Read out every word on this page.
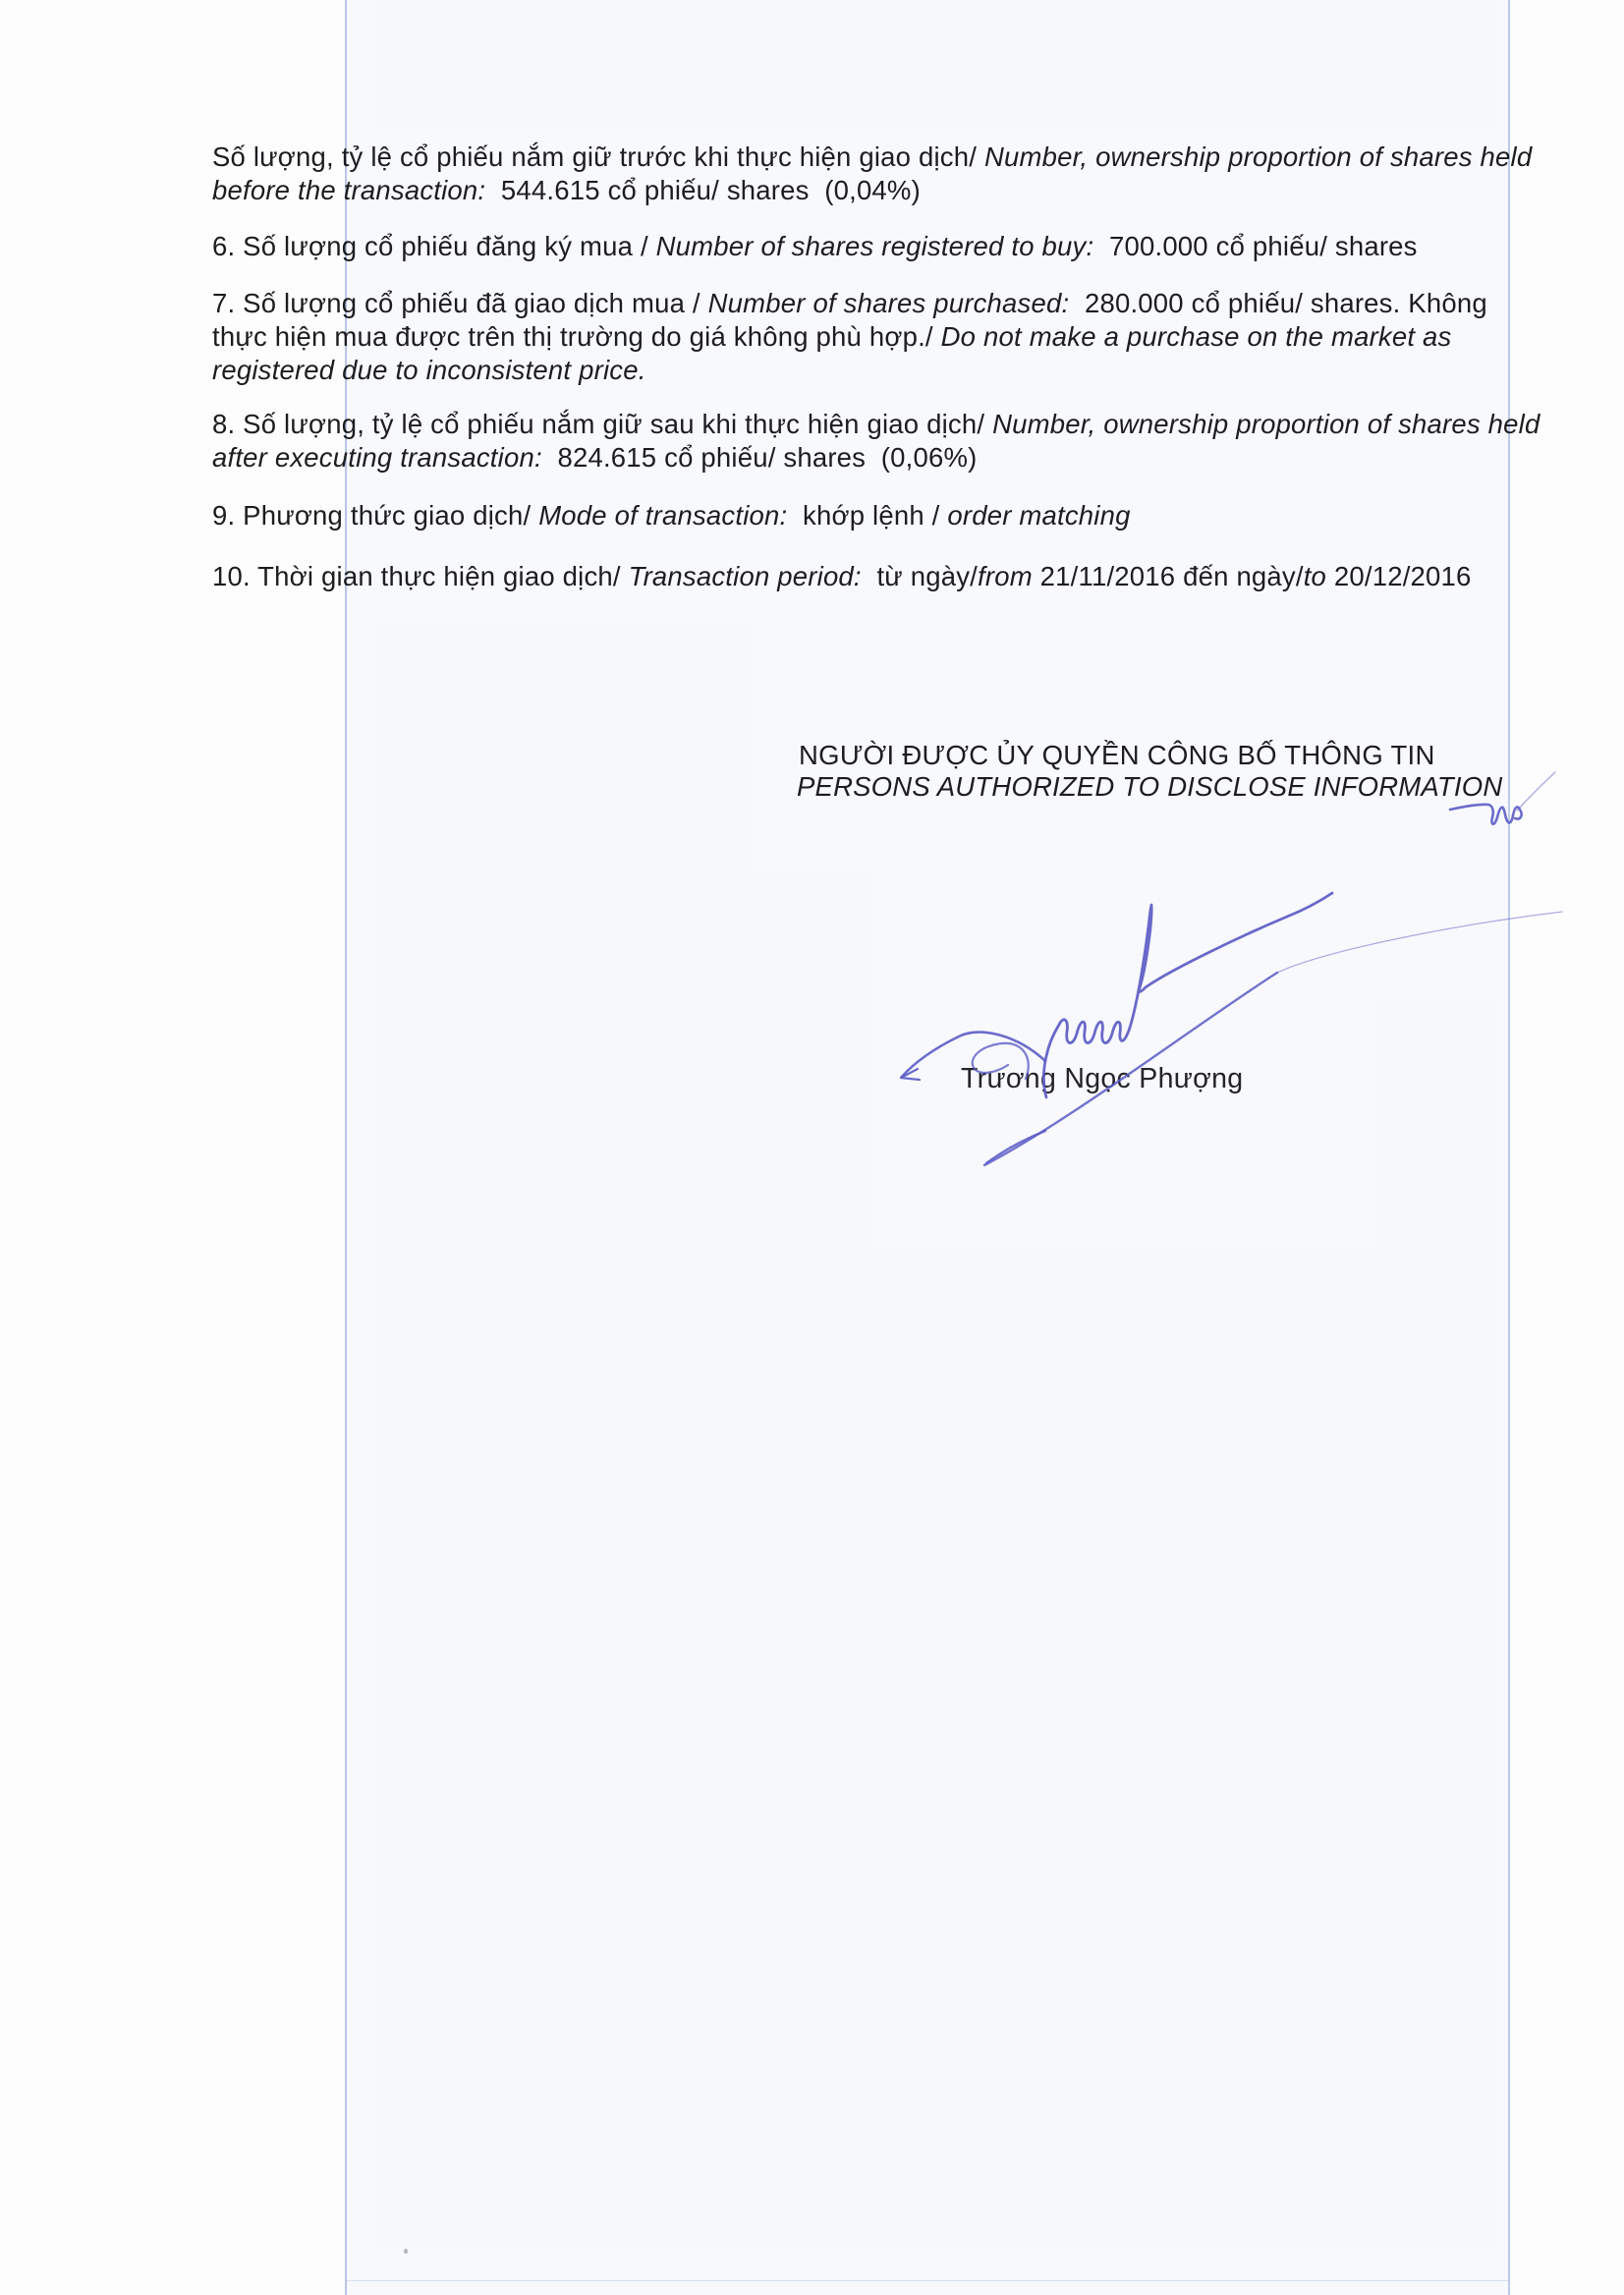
Số lượng, tỷ lệ cổ phiếu nắm giữ trước khi thực hiện giao dịch/ Number, ownership proportion of shares held
before the transaction:  544.615 cổ phiếu/ shares  (0,04%)
6. Số lượng cổ phiếu đăng ký mua / Number of shares registered to buy:  700.000 cổ phiếu/ shares
7. Số lượng cổ phiếu đã giao dịch mua / Number of shares purchased:  280.000 cổ phiếu/ shares. Không
thực hiện mua được trên thị trường do giá không phù hợp./ Do not make a purchase on the market as
registered due to inconsistent price.
8. Số lượng, tỷ lệ cổ phiếu nắm giữ sau khi thực hiện giao dịch/ Number, ownership proportion of shares held
after executing transaction:  824.615 cổ phiếu/ shares  (0,06%)
9. Phương thức giao dịch/ Mode of transaction:  khớp lệnh / order matching
10. Thời gian thực hiện giao dịch/ Transaction period:  từ ngày/from 21/11/2016 đến ngày/to 20/12/2016
NGƯỜI ĐƯỢC ỦY QUYỀN CÔNG BỐ THÔNG TIN
PERSONS AUTHORIZED TO DISCLOSE INFORMATION
Trương Ngọc Phượng
